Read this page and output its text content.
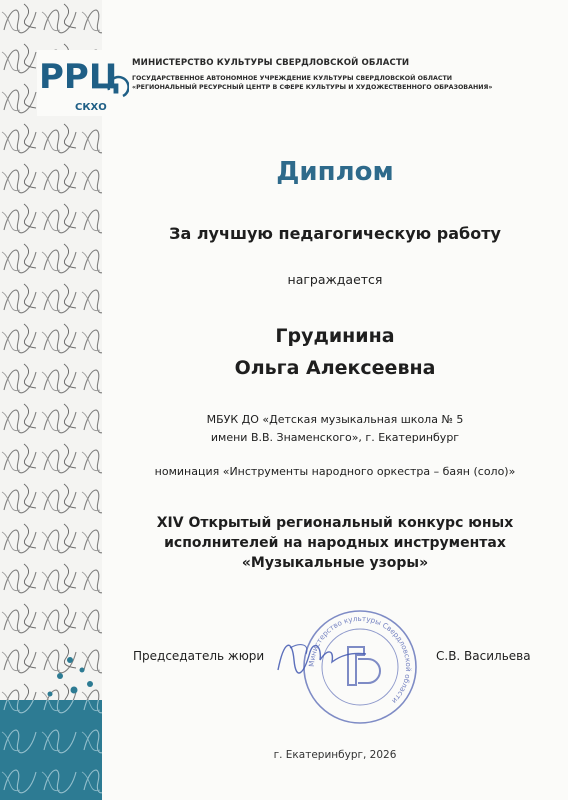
РРЦ
СКХО
МИНИСТЕРСТВО КУЛЬТУРЫ СВЕРДЛОВСКОЙ ОБЛАСТИ
ГОСУДАРСТВЕННОЕ АВТОНОМНОЕ УЧРЕЖДЕНИЕ КУЛЬТУРЫ СВЕРДЛОВСКОЙ ОБЛАСТИ
«РЕГИОНАЛЬНЫЙ РЕСУРСНЫЙ ЦЕНТР В СФЕРЕ КУЛЬТУРЫ И ХУДОЖЕСТВЕННОГО ОБРАЗОВАНИЯ»
Диплом
За лучшую педагогическую работу
награждается
Грудинина
Ольга Алексеевна
МБУК ДО «Детская музыкальная школа № 5
имени В.В. Знаменского», г. Екатеринбург
номинация «Инструменты народного оркестра – баян (соло)»
XIV Открытый региональный конкурс юных
исполнителей на народных инструментах
«Музыкальные узоры»
Министерство культуры Свердловской области
Председатель жюри	С.В. Васильева
г. Екатеринбург, 2026
